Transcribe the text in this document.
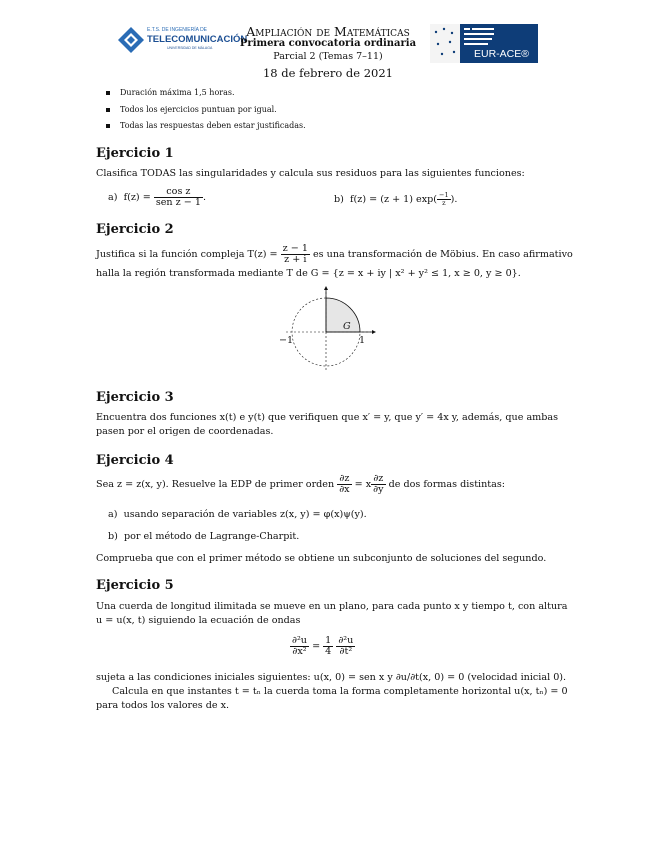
E.T.S. DE INGENIERÍA DE
TELECOMUNICACIÓN
UNIVERSIDAD DE MÁLAGA
Ampliación de Matemáticas
Primera convocatoria ordinaria
Parcial 2 (Temas 7–11)
18 de febrero de 2021
EUR-ACE®
Duración máxima 1,5 horas.
Todos los ejercicios puntuan por igual.
Todas las respuestas deben estar justificadas.
Ejercicio 1
Clasifica TODAS las singularidades y calcula sus residuos para las siguientes funciones:
a) $f(z) = \frac{\text{cos z}}{\text{sen z − 1}}$ .	b) f(z) = (z + 1) $\exp( \frac{-1}{z}$ ).
Ejercicio 2
Justifica si la función compleja $T(z) = \frac{z - 1}{z + i}$ es una transformación de Möbius. En caso afirmativo
halla la región transformada mediante T de G = {z = x + iy | x² + y² ≤ 1, x ≥ 0, y ≥ 0}.
G
−1	1
Ejercicio 3
Encuentra dos funciones x(t) e y(t) que verifiquen que x′ = y, que y′ = 4x y, además, que ambas
pasen por el origen de coordenadas.
Ejercicio 4
Sea z = z(x, y). Resuelve la EDP de primer orden $\frac{\partial z}{\partial x} = x \frac{\partial z}{\partial y}$ de dos formas distintas:
a) usando separación de variables z(x, y) = φ(x)ψ(y).
b) por el método de Lagrange-Charpit.
Comprueba que con el primer método se obtiene un subconjunto de soluciones del segundo.
Ejercicio 5
Una cuerda de longitud ilimitada se mueve en un plano, para cada punto x y tiempo t, con altura
u = u(x, t) siguiendo la ecuación de ondas
$\frac{\text{∂²u}}{\text{∂x²}} = \frac{1}{4}$
$\frac{\text{∂²u}}{\text{∂t²}}$
sujeta a las condiciones iniciales siguientes: u(x, 0) = sen x y ∂u/∂t(x, 0) = 0 (velocidad inicial 0).
Calcula en que instantes t = tₙ la cuerda toma la forma completamente horizontal u(x, tₙ) = 0
para todos los valores de x.
